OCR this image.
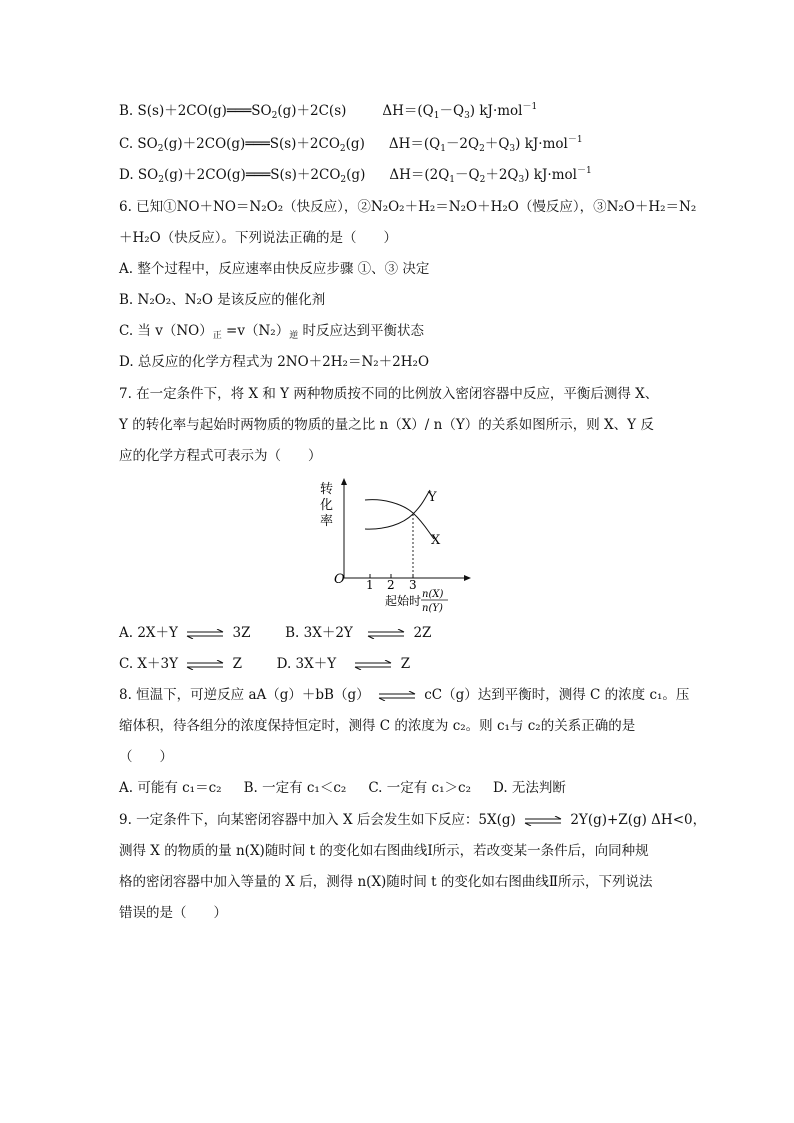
B. $S(s)+2CO(g)═══SO_2(g)+2C(s)$	$\Delta H=(Q_1-Q_3)$ kJ·mol$^{-1}$
C. $SO_2(g)+2CO(g)═══S(s)+2CO_2(g)$ $\Delta H=(Q_1-2Q_2+Q_3)$ kJ·mol$^{-1}$
D. $SO_2(g)+2CO(g)═══S(s)+2CO_2(g)$ $\Delta H=(2Q_1-Q_2+2Q_3)$ kJ·mol$^{-1}$
6. 已知①NO＋NO＝N₂O₂（快反应），②N₂O₂＋H₂＝N₂O＋H₂O（慢反应），③N₂O＋H₂＝N₂
＋H₂O（快反应）。下列说法正确的是（　　）
A. 整个过程中，反应速率由快反应步骤 ①、③ 决定
B. N₂O₂、N₂O 是该反应的催化剂
C. 当 $v(NO)_正 =v(N_2)_逆$ 时反应达到平衡状态
D. 总反应的化学方程式为 2NO＋2H₂＝N₂＋2H₂O
7. 在一定条件下，将 X 和 Y 两种物质按不同的比例放入密闭容器中反应，平衡后测得 X、
Y 的转化率与起始时两物质的物质的量之比 n（X）/ n（Y）的关系如图所示，则 X、Y 反
应的化学方程式可表示为（　　）
转
化
率
O 1 2 3
Y
X
起始时 n(X)
n(Y)
A. 2X＋Y ⇌ 3Z	B. 3X＋2Y ⇌ 2Z
C. X＋3Y ⇌ Z	D. 3X＋Y ⇌ Z
8. 恒温下，可逆反应 aA（g）＋bB（g） ⇌ cC（g）达到平衡时，测得 C 的浓度 c₁。压
缩体积，待各组分的浓度保持恒定时，测得 C 的浓度为 c₂。则 c₁与 c₂的关系正确的是
（　　）
A. 可能有 c₁＝c₂ B. 一定有 c₁＜c₂ C. 一定有 c₁＞c₂ D. 无法判断
9. 一定条件下，向某密闭容器中加入 X 后会发生如下反应：5X(g) ⇌ 2Y(g)+Z(g) ΔH<0，
测得 X 的物质的量 n(X)随时间 t 的变化如右图曲线Ⅰ所示，若改变某一条件后，向同种规
格的密闭容器中加入等量的 X 后，测得 n(X)随时间 t 的变化如右图曲线Ⅱ所示，下列说法
错误的是（　　）
